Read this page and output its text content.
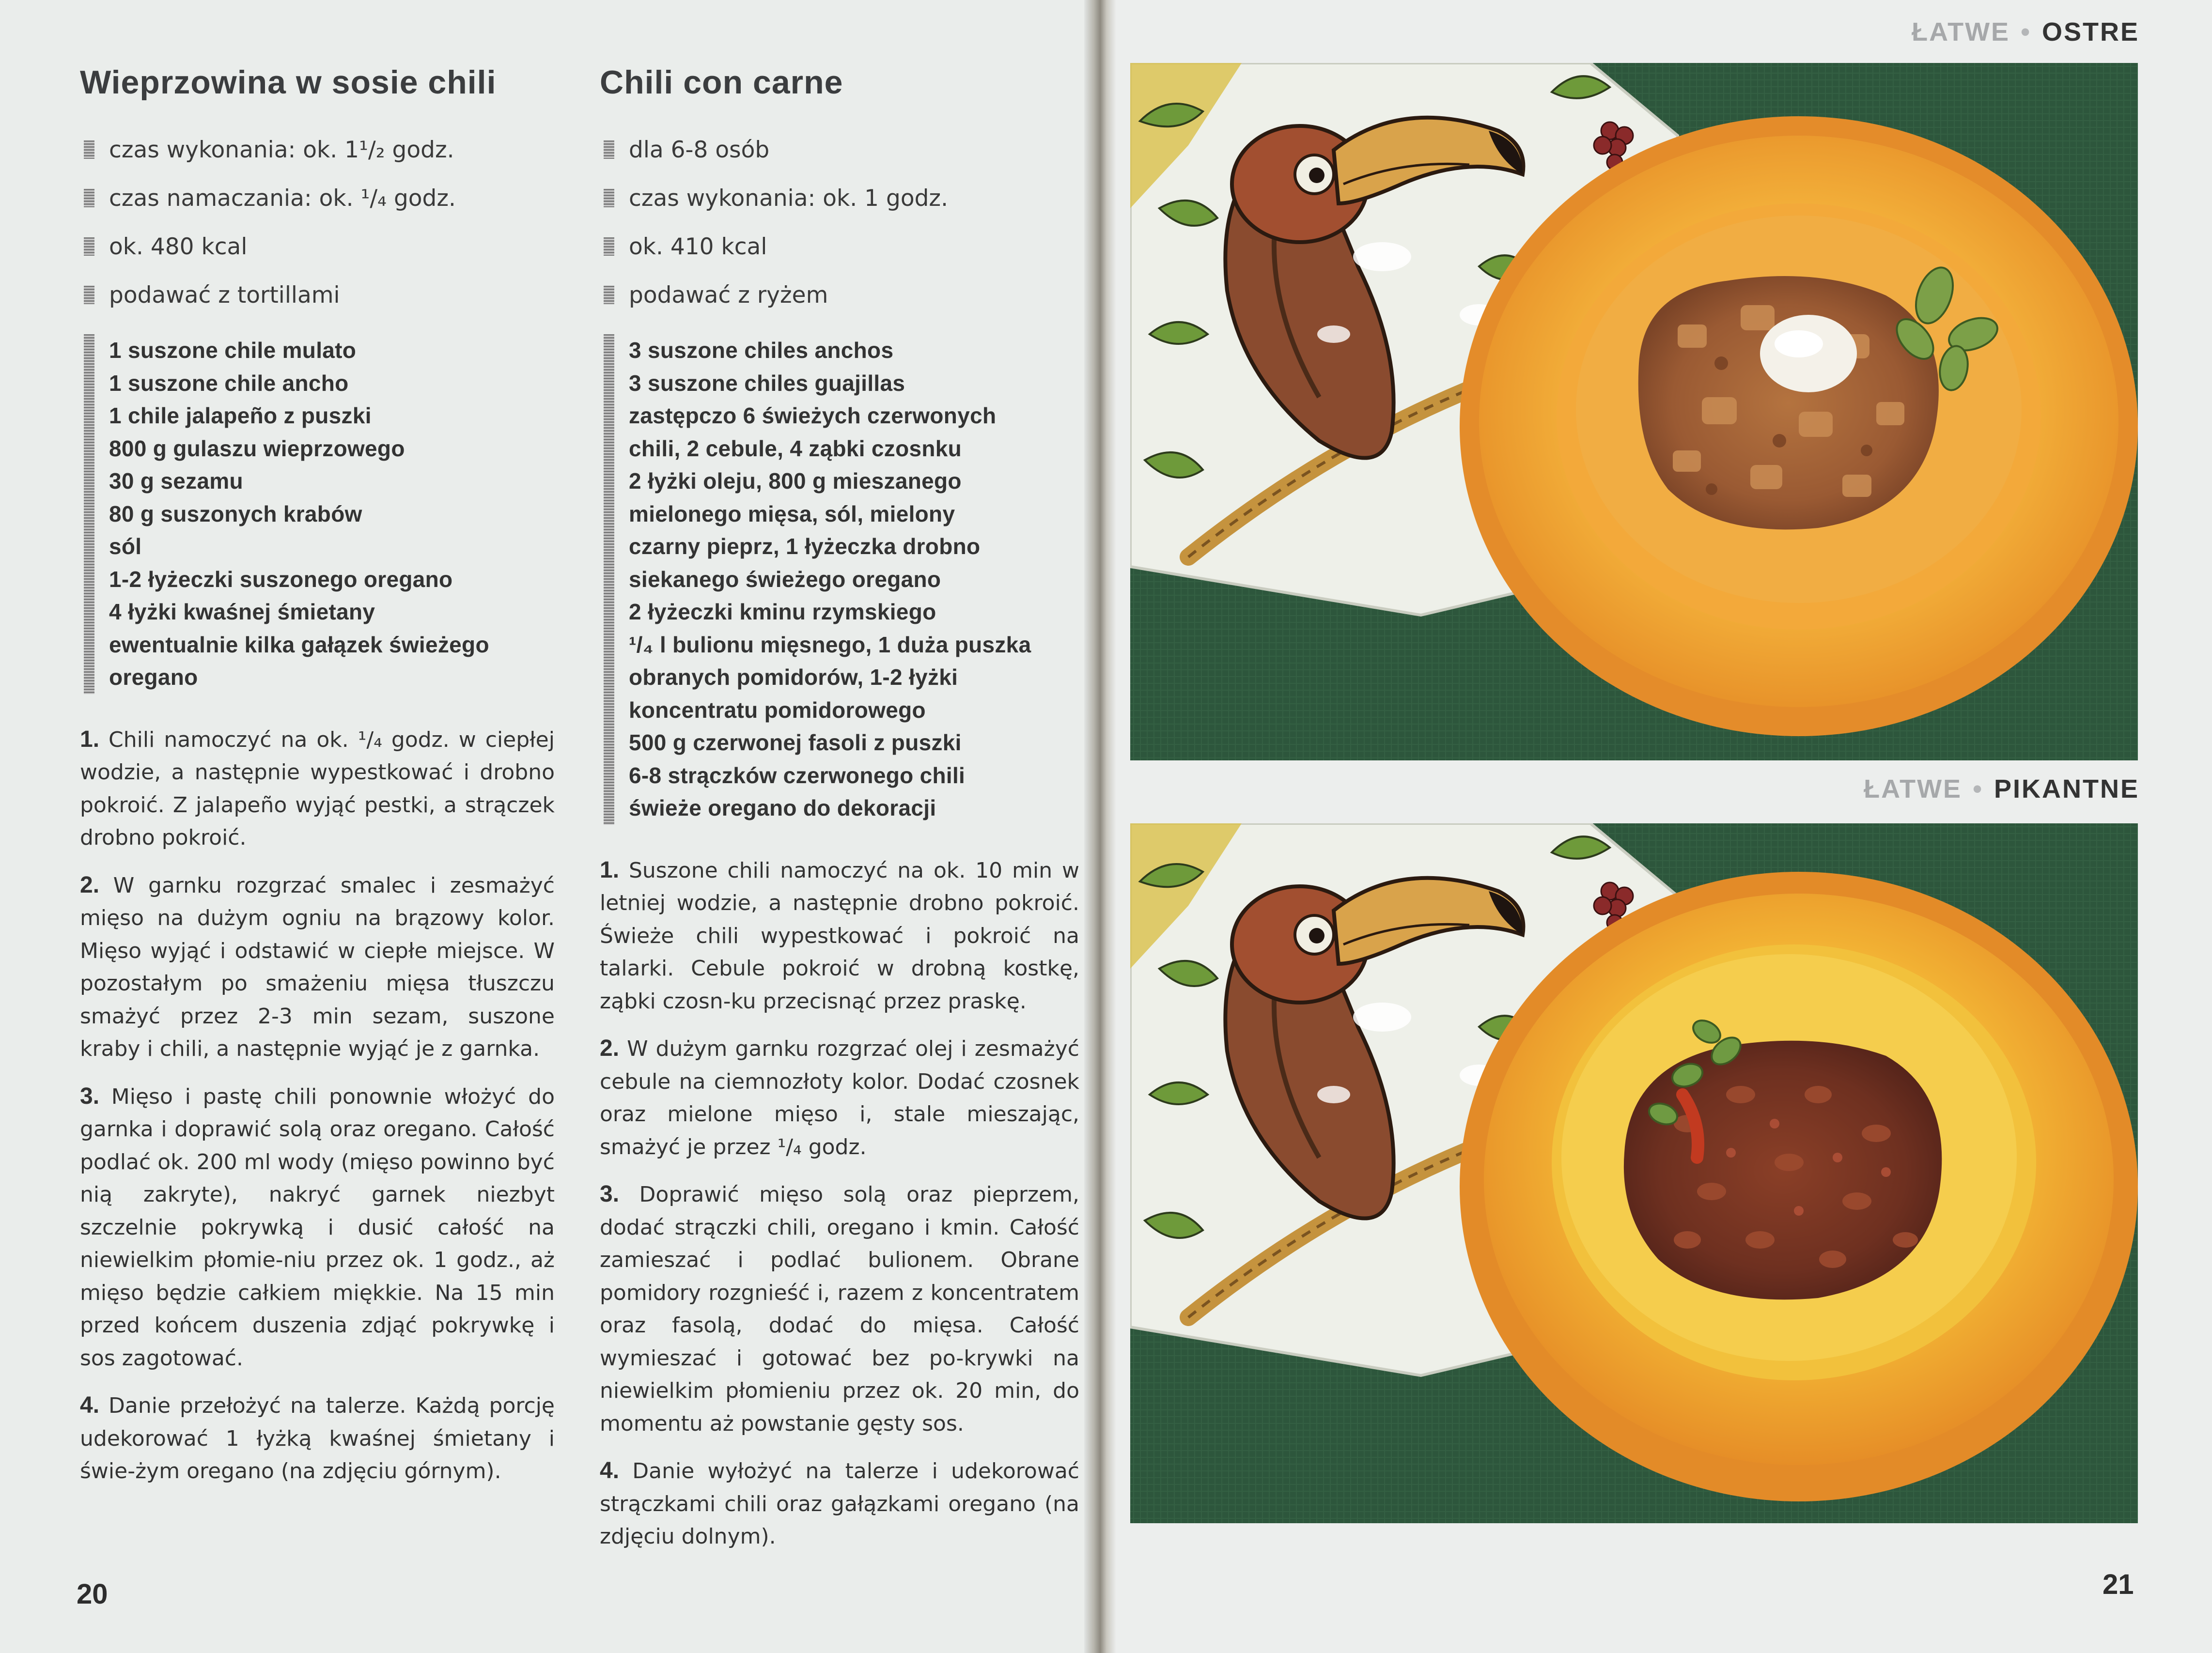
Wieprzowina w sosie chili
czas wykonania: ok. 1¹/₂ godz.
czas namaczania: ok. ¹/₄ godz.
ok. 480 kcal
podawać z tortillami
1 suszone chile mulato
1 suszone chile ancho
1 chile jalapeño z puszki
800 g gulaszu wieprzowego
30 g sezamu
80 g suszonych krabów
sól
1-2 łyżeczki suszonego oregano
4 łyżki kwaśnej śmietany
ewentualnie kilka gałązek świeżego
oregano

1. Chili namoczyć na ok. ¹/₄ godz. w ciepłej wodzie, a następnie wypestkować i drobno pokroić. Z jalapeño wyjąć pestki, a strączek drobno pokroić.

2. W garnku rozgrzać smalec i zesmażyć mięso na dużym ogniu na brązowy kolor. Mięso wyjąć i odstawić w ciepłe miejsce. W pozostałym po smażeniu mięsa tłuszczu smażyć przez 2-3 min sezam, suszone kraby i chili, a następnie wyjąć je z garnka.

3. Mięso i pastę chili ponownie włożyć do garnka i doprawić solą oraz oregano. Całość podlać ok. 200 ml wody (mięso powinno być nią zakryte), nakryć garnek niezbyt szczelnie pokrywką i dusić całość na niewielkim płomie-niu przez ok. 1 godz., aż mięso będzie całkiem miękkie. Na 15 min przed końcem duszenia zdjąć pokrywkę i sos zagotować.

4. Danie przełożyć na talerze. Każdą porcję udekorować 1 łyżką kwaśnej śmietany i świe-żym oregano (na zdjęciu górnym).

Chili con carne
dla 6-8 osób
czas wykonania: ok. 1 godz.
ok. 410 kcal
podawać z ryżem
3 suszone chiles anchos
3 suszone chiles guajillas
zastępczo 6 świeżych czerwonych
chili, 2 cebule, 4 ząbki czosnku
2 łyżki oleju, 800 g mieszanego
mielonego mięsa, sól, mielony
czarny pieprz, 1 łyżeczka drobno
siekanego świeżego oregano
2 łyżeczki kminu rzymskiego
¹/₄ l bulionu mięsnego, 1 duża puszka
obranych pomidorów, 1-2 łyżki
koncentratu pomidorowego
500 g czerwonej fasoli z puszki
6-8 strączków czerwonego chili
świeże oregano do dekoracji

1. Suszone chili namoczyć na ok. 10 min w letniej wodzie, a następnie drobno pokroić. Świeże chili wypestkować i pokroić na talarki. Cebule pokroić w drobną kostkę, ząbki czosn-ku przecisnąć przez praskę.

2. W dużym garnku rozgrzać olej i zesmażyć cebule na ciemnozłoty kolor. Dodać czosnek oraz mielone mięso i, stale mieszając, smażyć je przez ¹/₄ godz.

3. Doprawić mięso solą oraz pieprzem, dodać strączki chili, oregano i kmin. Całość zamieszać i podlać bulionem. Obrane pomidory rozgnieść i, razem z koncentratem oraz fasolą, dodać do mięsa. Całość wymieszać i gotować bez po-krywki na niewielkim płomieniu przez ok. 20 min, do momentu aż powstanie gęsty sos.

4. Danie wyłożyć na talerze i udekorować strączkami chili oraz gałązkami oregano (na zdjęciu dolnym).

20
ŁATWE • OSTRE
ŁATWE • PIKANTNE
21
